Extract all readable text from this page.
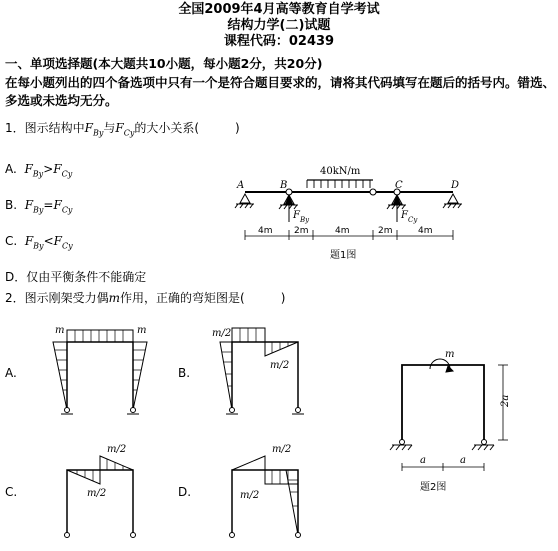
全国2009年4月高等教育自学考试
结构力学(二)试题
课程代码：02439
一、单项选择题(本大题共10小题，每小题2分，共20分)
在每小题列出的四个备选项中只有一个是符合题目要求的，请将其代码填写在题后的括号内。错选、
多选或未选均无分。
1．图示结构中$F_{By}$与$F_{Cy}$的大小关系(　　　)
A. $F_{By}>F_{Cy}$
B. $F_{By}=F_{Cy}$
C. $F_{By}<F_{Cy}$
D．仅由平衡条件不能确定
40kN/m
A	B	C	D
F By	F Cy
4m 2m	4m	2m	4m
题1图
2．图示刚架受力偶m作用，正确的弯矩图是(　　　)
A.	B.
C.	D.
m	m	m/2
m/2
m/2
m/2
m/2
m/2
m
2a
a	a
题2图
